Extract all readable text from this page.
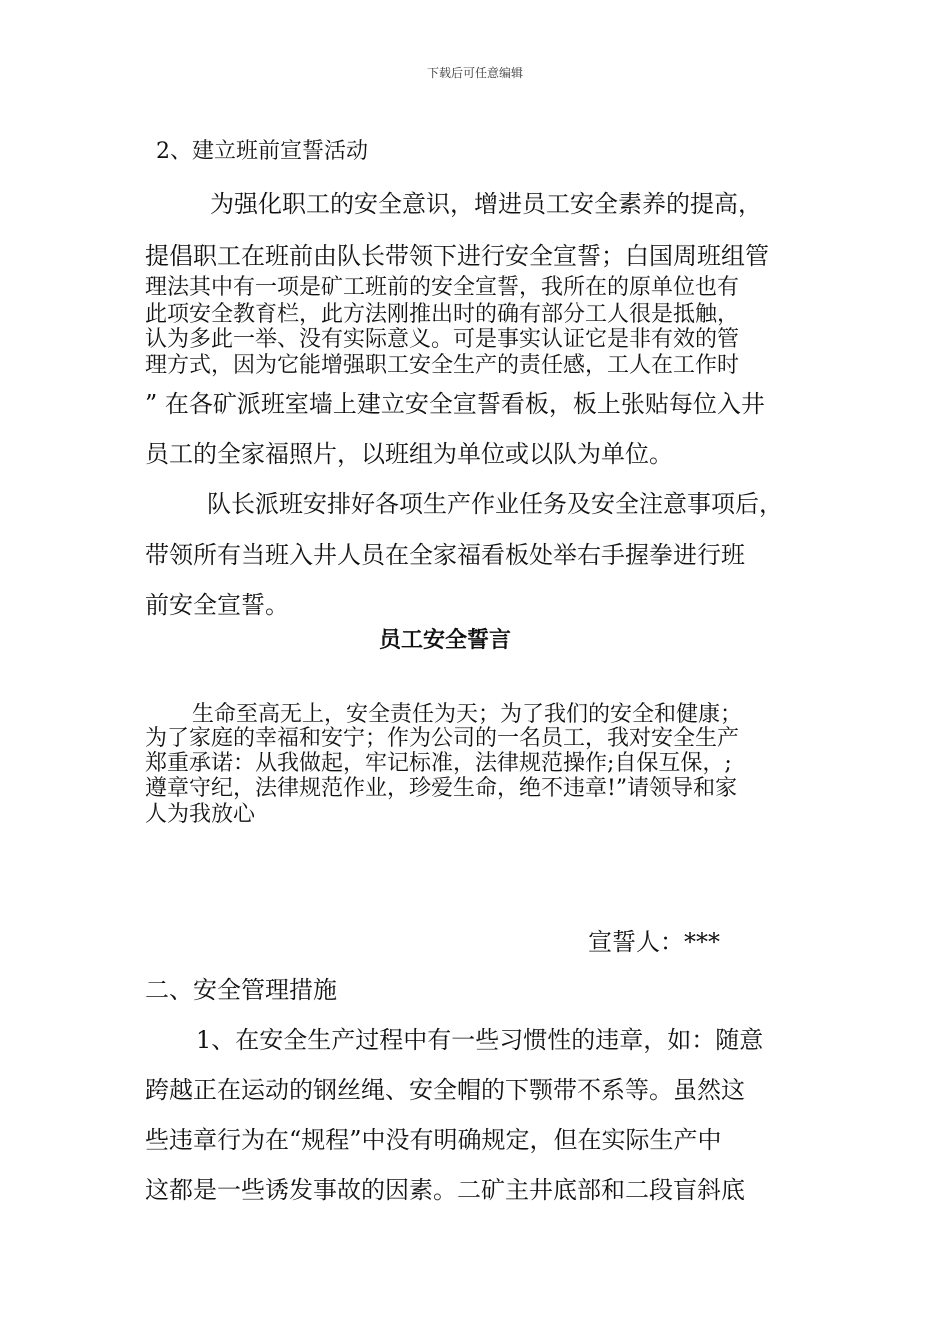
下载后可任意编辑
2、建立班前宣誓活动
为强化职工的安全意识，增进员工安全素养的提高，
提倡职工在班前由队长带领下进行安全宣誓；白国周班组管
理法其中有一项是矿工班前的安全宣誓，我所在的原单位也有
此项安全教育栏，此方法刚推出时的确有部分工人很是抵触，
认为多此一举、没有实际意义。可是事实认证它是非有效的管
理方式，因为它能增强职工安全生产的责任感，工人在工作时
” 在各矿派班室墙上建立安全宣誓看板，板上张贴每位入井
员工的全家福照片，以班组为单位或以队为单位。
队长派班安排好各项生产作业任务及安全注意事项后，
带领所有当班入井人员在全家福看板处举右手握拳进行班
前安全宣誓。
员工安全誓言
生命至高无上，安全责任为天；为了我们的安全和健康；
为了家庭的幸福和安宁；作为公司的一名员工，我对安全生产
郑重承诺：从我做起，牢记标准，法律规范操作;自保互保，;
遵章守纪，法律规范作业，珍爱生命，绝不违章!”请领导和家
人为我放心
宣誓人：***
二、安全管理措施
1、在安全生产过程中有一些习惯性的违章，如：随意
跨越正在运动的钢丝绳、安全帽的下颚带不系等。虽然这
些违章行为在“规程”中没有明确规定，但在实际生产中
这都是一些诱发事故的因素。二矿主井底部和二段盲斜底
